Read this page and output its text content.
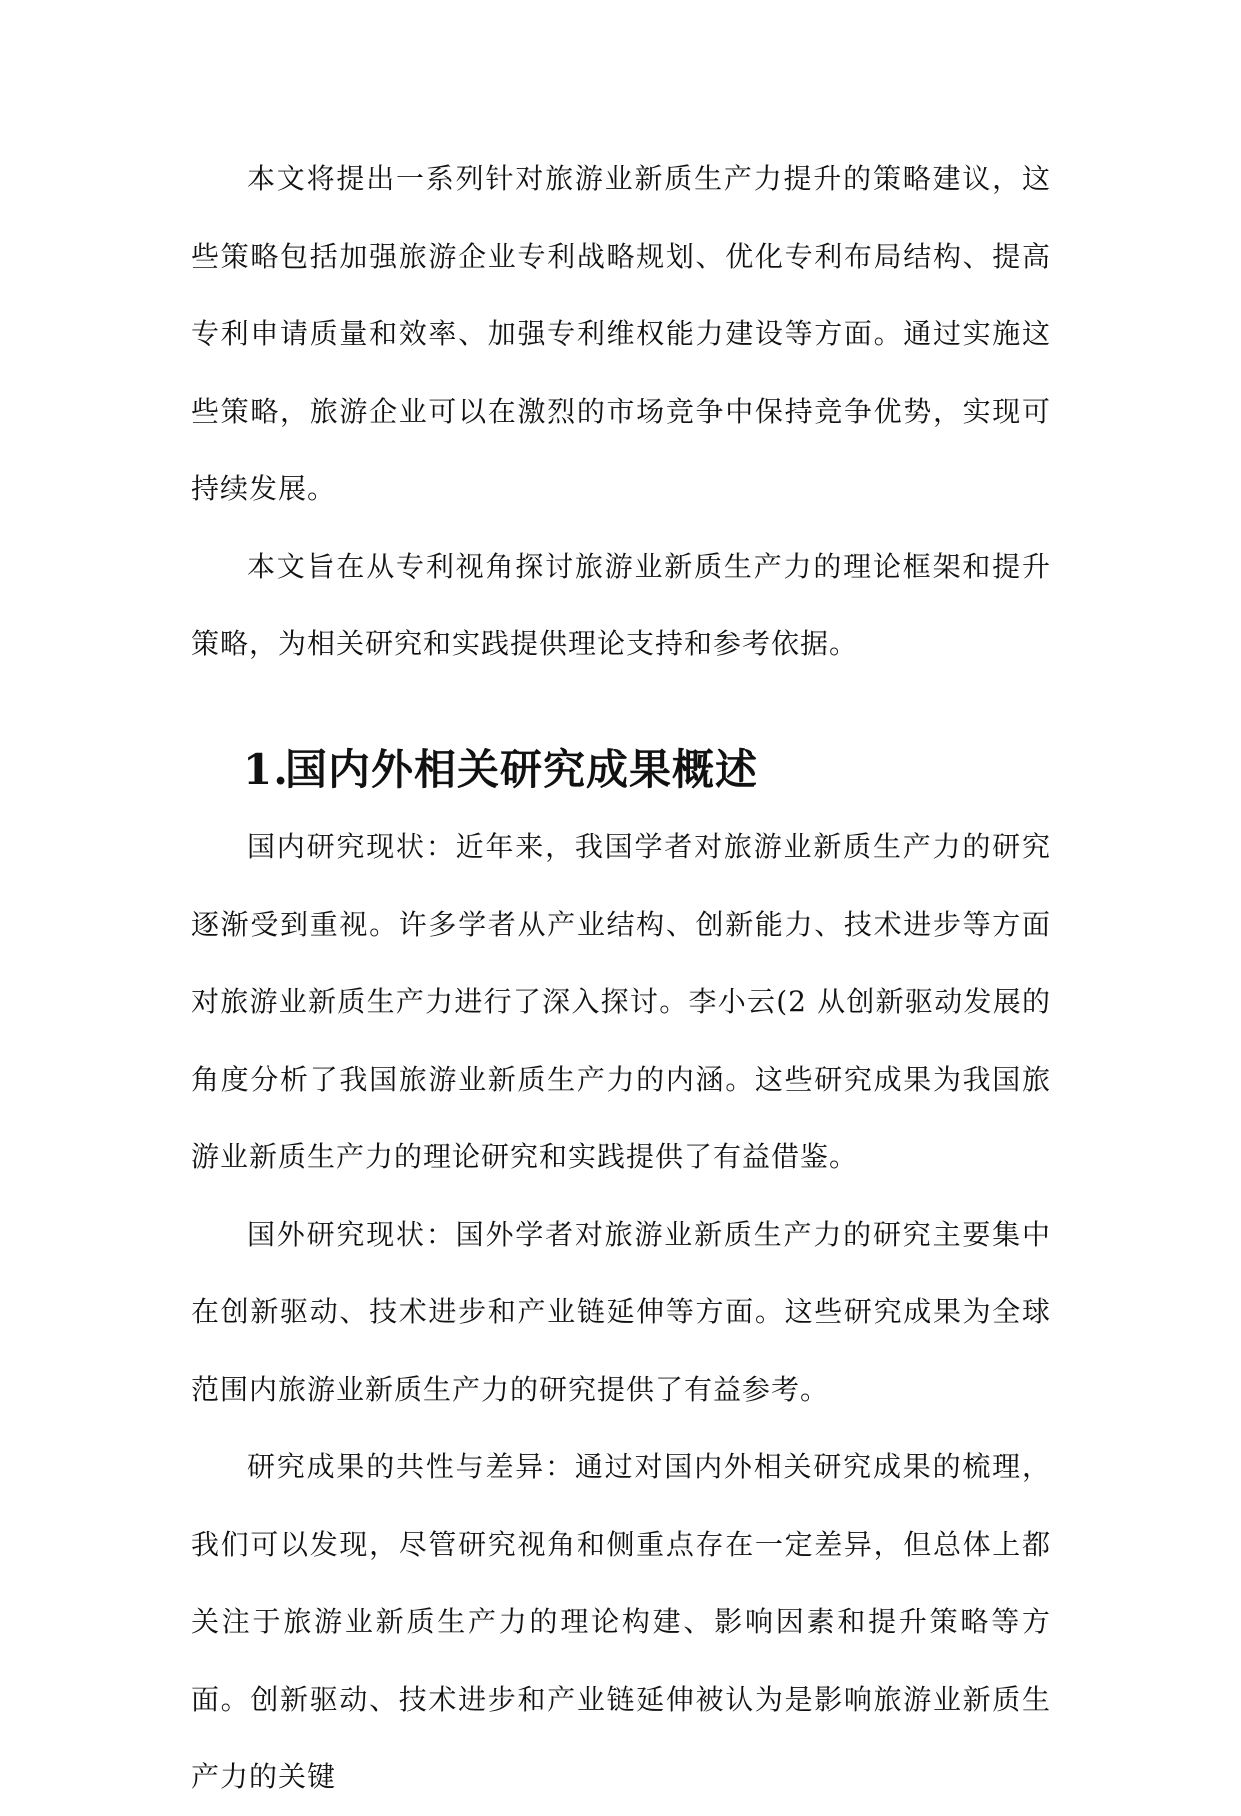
本文将提出一系列针对旅游业新质生产力提升的策略建议，这些策略包括加强旅游企业专利战略规划、优化专利布局结构、提高专利申请质量和效率、加强专利维权能力建设等方面。通过实施这些策略，旅游企业可以在激烈的市场竞争中保持竞争优势，实现可持续发展。

本文旨在从专利视角探讨旅游业新质生产力的理论框架和提升策略，为相关研究和实践提供理论支持和参考依据。

1.国内外相关研究成果概述

国内研究现状：近年来，我国学者对旅游业新质生产力的研究逐渐受到重视。许多学者从产业结构、创新能力、技术进步等方面对旅游业新质生产力进行了深入探讨。李小云(2 从创新驱动发展的角度分析了我国旅游业新质生产力的内涵。这些研究成果为我国旅游业新质生产力的理论研究和实践提供了有益借鉴。

国外研究现状：国外学者对旅游业新质生产力的研究主要集中在创新驱动、技术进步和产业链延伸等方面。这些研究成果为全球范围内旅游业新质生产力的研究提供了有益参考。

研究成果的共性与差异：通过对国内外相关研究成果的梳理，我们可以发现，尽管研究视角和侧重点存在一定差异，但总体上都关注于旅游业新质生产力的理论构建、影响因素和提升策略等方面。创新驱动、技术进步和产业链延伸被认为是影响旅游业新质生产力的关键
